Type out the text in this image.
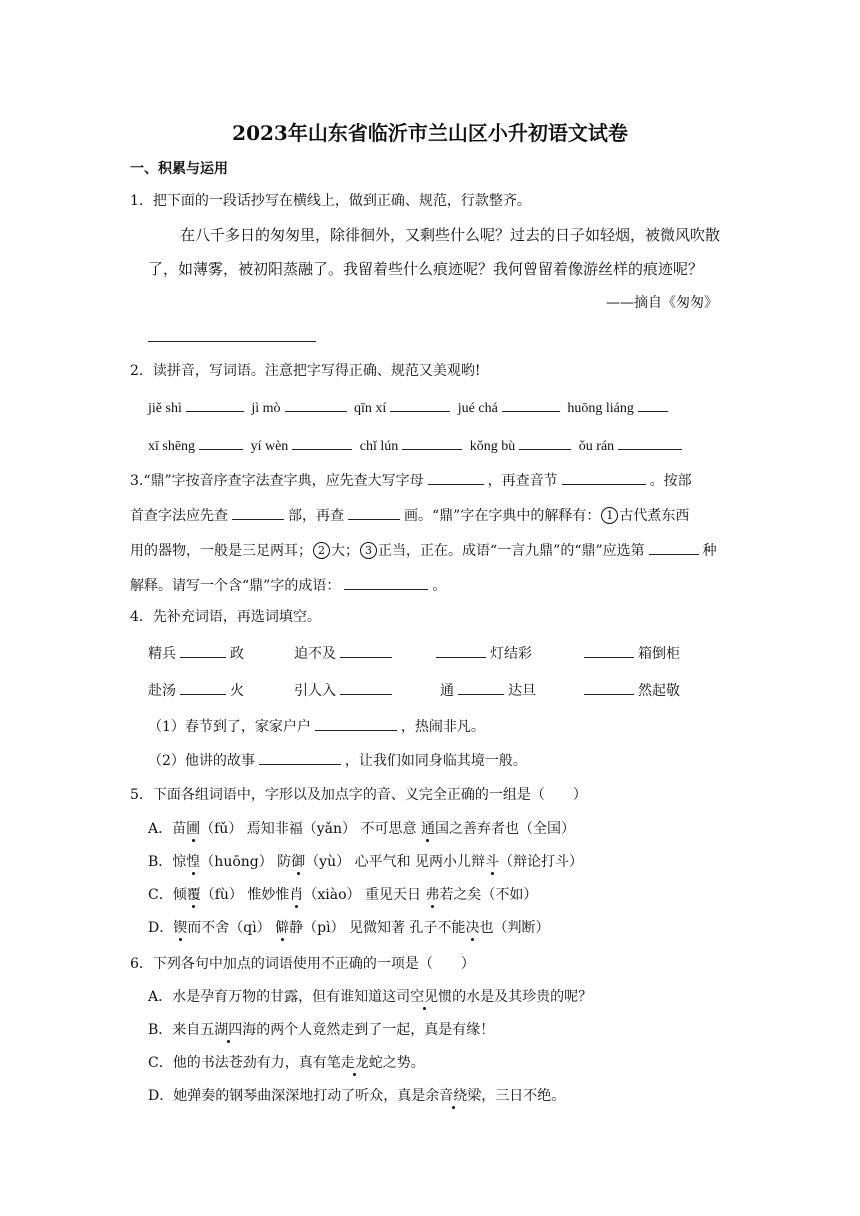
2023年山东省临沂市兰山区小升初语文试卷
一、积累与运用
1．把下面的一段话抄写在横线上，做到正确、规范，行款整齐。
在八千多日的匆匆里，除徘徊外，又剩些什么呢？过去的日子如轻烟，被微风吹散
了，如薄雾，被初阳蒸融了。我留着些什么痕迹呢？我何曾留着像游丝样的痕迹呢？
——摘自《匆匆》
2．读拼音，写词语。注意把字写得正确、规范又美观哟!
jiě shì	jì mò	qīn xí	jué chá	huōng liáng
xī shēng	yí wèn	chǐ lún	kǒng bù	ǒu rán
3.“鼎”字按音序查字法查字典，应先查大写字母	，再查音节	。按部
首查字法应先查	部，再查	画。“鼎”字在字典中的解释有： 1 古代煮东西
用的器物，一般是三足两耳； 2 大； 3 正当，正在。成语“一言九鼎”的“鼎”应选第	种
解释。请写一个含“鼎”字的成语：	。
4．先补充词语，再选词填空。
精兵	政	迫不及	灯结彩	箱倒柜
赴汤	火	引人入	通	达旦	然起敬
（1）春节到了，家家户户	，热闹非凡。
（2）他讲的故事	，让我们如同身临其境一般。
5．下面各组词语中，字形以及加点字的音、义完全正确的一组是（　　）
A．苗圃（fǔ） 焉知非福（yǎn） 不可思意 通国之善弃者也（全国）
B．惊惶（huōng） 防御（yù） 心平气和 见两小儿辩斗（辩论打斗）
C．倾覆（fù） 惟妙惟肖（xiào） 重见天日 弗若之矣（不如）
D．锲而不舍（qì） 僻静（pì） 见微知著 孔子不能决也（判断）
6．下列各句中加点的词语使用不正确的一项是（　　）
A．水是孕育万物的甘露，但有谁知道这司空见惯的水是及其珍贵的呢？
B．来自五湖四海的两个人竟然走到了一起，真是有缘！
C．他的书法苍劲有力，真有笔走龙蛇之势。
D．她弹奏的钢琴曲深深地打动了听众，真是余音绕梁，三日不绝。
